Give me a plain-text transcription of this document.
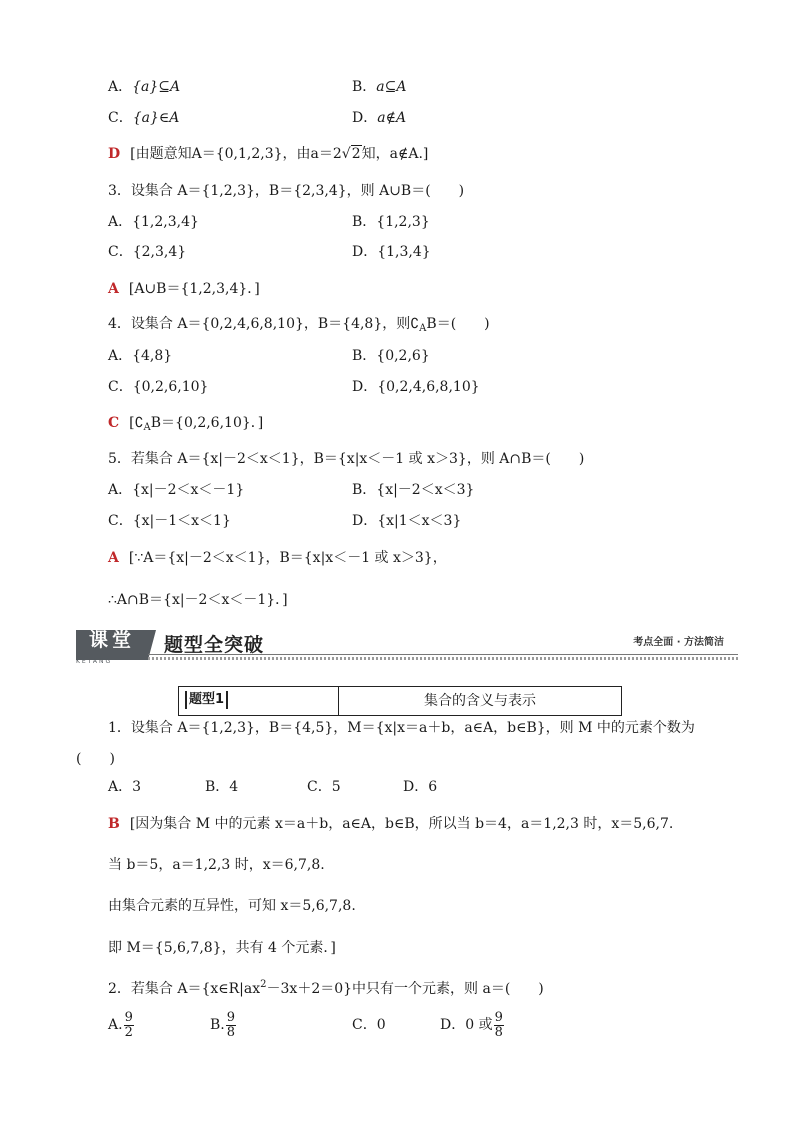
A．{a}⊆A	B．a⊆A
C．{a}∈A	D．a∉A
D [由题意知A＝{0,1,2,3}，由a＝2√2知，a∉A.]
3．设集合 A＝{1,2,3}，B＝{2,3,4}，则 A∪B＝(　　)
A．{1,2,3,4}	B．{1,2,3}
C．{2,3,4}	D．{1,3,4}
A [A∪B＝{1,2,3,4}．]
4．设集合 A＝{0,2,4,6,8,10}，B＝{4,8}，则$∁_AB=$(　　)
A．{4,8}	B．{0,2,6}
C．{0,2,6,10}	D．{0,2,4,6,8,10}
C [$∁_AB=\{0,2,6,10\}$．]
5．若集合 A＝{x|－2＜x＜1}，B＝{x|x＜－1 或 x＞3}，则 A∩B＝(　　)
A．{x|－2＜x＜－1}	B．{x|－2＜x＜3}
C．{x|－1＜x＜1}	D．{x|1＜x＜3}
A [∵A＝{x|－2＜x＜1}，B＝{x|x＜－1 或 x＞3}，
∴A∩B＝{x|－2＜x＜－1}．]
课堂
KETANG
题型全突破	考点全面 · 方法简洁
题型1	集合的含义与表示
1．设集合 A＝{1,2,3}，B＝{4,5}，M＝{x|x＝a＋b，a∈A，b∈B}，则 M 中的元素个数为
(　　)
A．3	B．4	C．5	D．6
B [因为集合 M 中的元素 x＝a＋b，a∈A，b∈B，所以当 b＝4，a＝1,2,3 时，x＝5,6,7.
当 b＝5，a＝1,2,3 时，x＝6,7,8.
由集合元素的互异性，可知 x＝5,6,7,8.
即 M＝{5,6,7,8}，共有 4 个元素．]
2．若集合 $A=\{x\in R|ax^2-3x+2=0\}$中只有一个元素，则 a＝(　　)
A. $\frac{9}{2}$	B. $\frac{9}{8}$	C．0	D．0 或 $\frac{9}{8}$
